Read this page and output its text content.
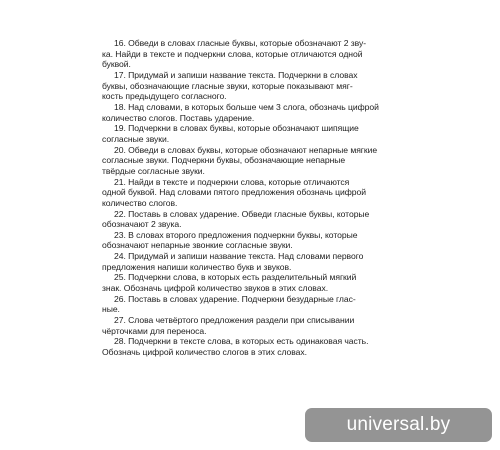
16. Обведи в словах гласные буквы, которые обозначают 2 зву-
ка. Найди в тексте и подчеркни слова, которые отличаются одной
буквой.
17. Придумай и запиши название текста. Подчеркни в словах
буквы, обозначающие гласные звуки, которые показывают мяг-
кость предыдущего согласного.
18. Над словами, в которых больше чем 3 слога, обозначь цифрой
количество слогов. Поставь ударение.
19. Подчеркни в словах буквы, которые обозначают шипящие
согласные звуки.
20. Обведи в словах буквы, которые обозначают непарные мягкие
согласные звуки. Подчеркни буквы, обозначающие непарные
твёрдые согласные звуки.
21. Найди в тексте и подчеркни слова, которые отличаются
одной буквой. Над словами пятого предложения обозначь цифрой
количество слогов.
22. Поставь в словах ударение. Обведи гласные буквы, которые
обозначают 2 звука.
23. В словах второго предложения подчеркни буквы, которые
обозначают непарные звонкие согласные звуки.
24. Придумай и запиши название текста. Над словами первого
предложения напиши количество букв и звуков.
25. Подчеркни слова, в которых есть разделительный мягкий
знак. Обозначь цифрой количество звуков в этих словах.
26. Поставь в словах ударение. Подчеркни безударные глас-
ные.
27. Слова четвёртого предложения раздели при списывании
чёрточками для переноса.
28. Подчеркни в тексте слова, в которых есть одинаковая часть.
Обозначь цифрой количество слогов в этих словах.
universal.by
